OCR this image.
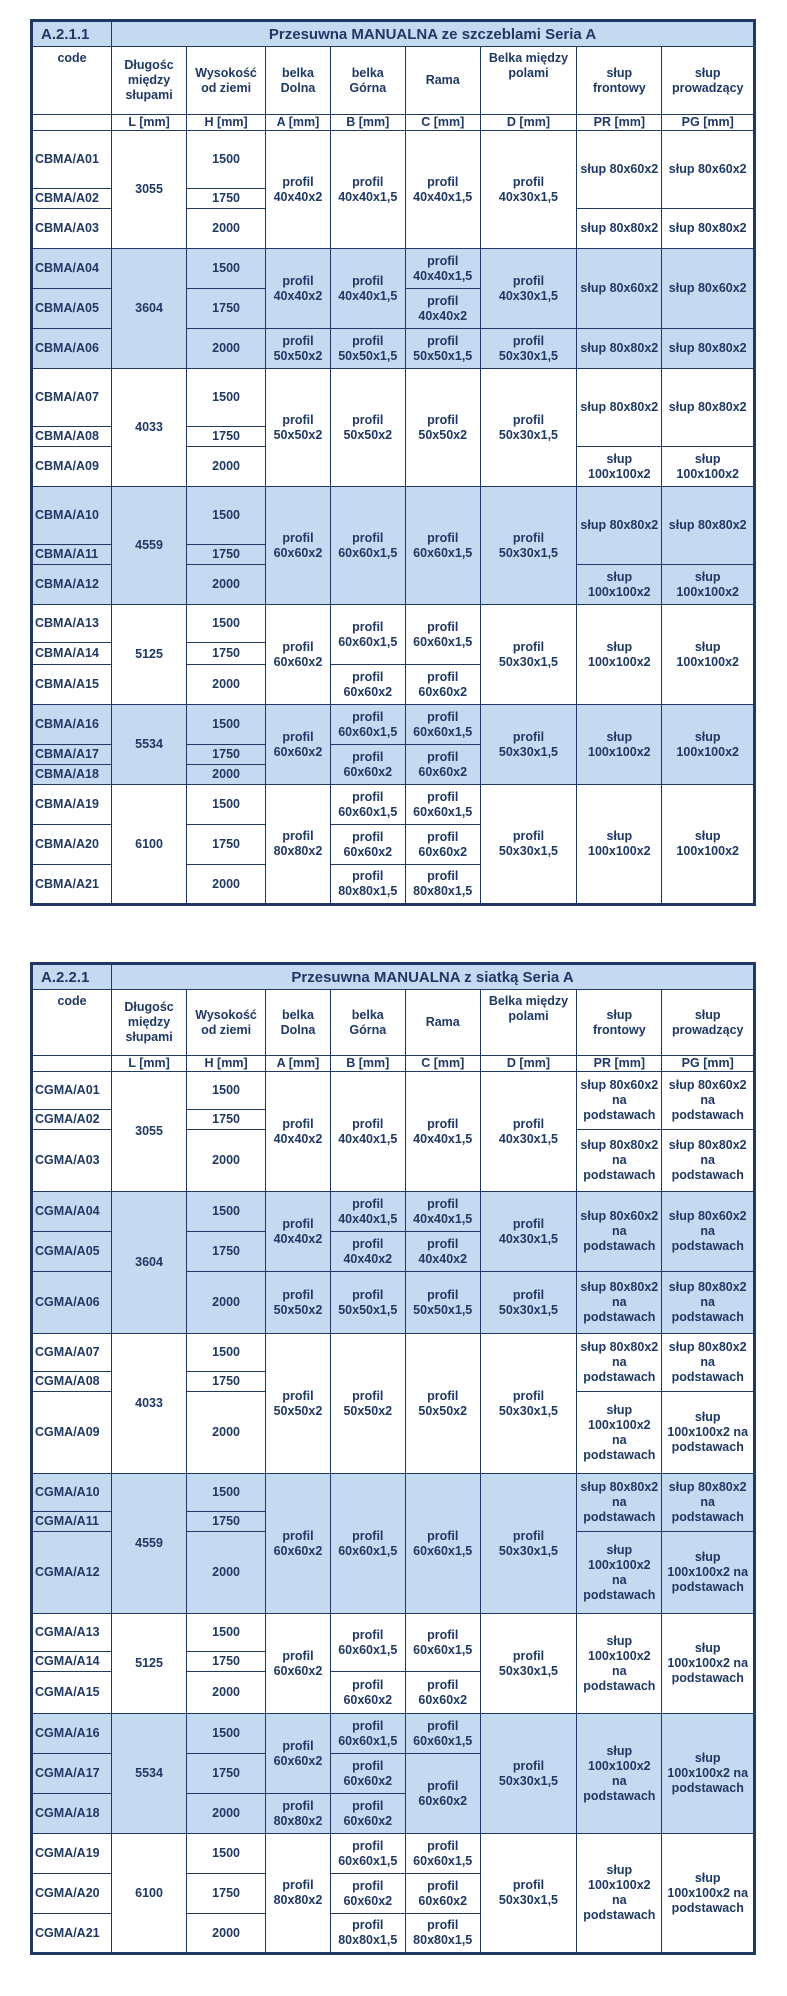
A.2.1.1	Przesuwna MANUALNA ze szczeblami Seria A							
code	Długośc między słupami	Wysokość od ziemi	belka Dolna	belka Górna	Rama	Belka między polami	słup frontowy	słup prowadzący
	L [mm]	H [mm]	A [mm]	B [mm]	C [mm]	D [mm]	PR [mm]	PG [mm]
CBMA/A01	3055	1500	profil 40x40x2	profil 40x40x1,5	profil 40x40x1,5	profil 40x30x1,5	słup 80x60x2	słup 80x60x2
CBMA/A02		1750						
CBMA/A03		2000					słup 80x80x2	słup 80x80x2
CBMA/A04	3604	1500	profil 40x40x2	profil 40x40x1,5	profil 40x40x1,5	profil 40x30x1,5	słup 80x60x2	słup 80x60x2
CBMA/A05		1750			profil 40x40x2			
CBMA/A06		2000	profil 50x50x2	profil 50x50x1,5	profil 50x50x1,5	profil 50x30x1,5	słup 80x80x2	słup 80x80x2
CBMA/A07	4033	1500	profil 50x50x2	profil 50x50x2	profil 50x50x2	profil 50x30x1,5	słup 80x80x2	słup 80x80x2
CBMA/A08		1750						
CBMA/A09		2000					słup 100x100x2	słup 100x100x2
CBMA/A10	4559	1500	profil 60x60x2	profil 60x60x1,5	profil 60x60x1,5	profil 50x30x1,5	słup 80x80x2	słup 80x80x2
CBMA/A11		1750						
CBMA/A12		2000					słup 100x100x2	słup 100x100x2
CBMA/A13	5125	1500	profil 60x60x2	profil 60x60x1,5	profil 60x60x1,5	profil 50x30x1,5	słup 100x100x2	słup 100x100x2
CBMA/A14		1750						
CBMA/A15		2000		profil 60x60x2	profil 60x60x2			
CBMA/A16	5534	1500	profil 60x60x2	profil 60x60x1,5	profil 60x60x1,5	profil 50x30x1,5	słup 100x100x2	słup 100x100x2
CBMA/A17		1750		profil 60x60x2	profil 60x60x2			
CBMA/A18		2000						
CBMA/A19	6100	1500	profil 80x80x2	profil 60x60x1,5	profil 60x60x1,5	profil 50x30x1,5	słup 100x100x2	słup 100x100x2
CBMA/A20		1750		profil 60x60x2	profil 60x60x2			
CBMA/A21		2000		profil 80x80x1,5	profil 80x80x1,5			
A.2.2.1	Przesuwna MANUALNA z siatką Seria A							
code	Długośc między słupami	Wysokość od ziemi	belka Dolna	belka Górna	Rama	Belka między polami	słup frontowy	słup prowadzący
	L [mm]	H [mm]	A [mm]	B [mm]	C [mm]	D [mm]	PR [mm]	PG [mm]
CGMA/A01	3055	1500	profil 40x40x2	profil 40x40x1,5	profil 40x40x1,5	profil 40x30x1,5	słup 80x60x2 na podstawach	słup 80x60x2 na podstawach
CGMA/A02		1750						
CGMA/A03		2000					słup 80x80x2 na podstawach	słup 80x80x2 na podstawach
CGMA/A04	3604	1500	profil 40x40x2	profil 40x40x1,5	profil 40x40x1,5	profil 40x30x1,5	słup 80x60x2 na podstawach	słup 80x60x2 na podstawach
CGMA/A05		1750		profil 40x40x2	profil 40x40x2			
CGMA/A06		2000	profil 50x50x2	profil 50x50x1,5	profil 50x50x1,5	profil 50x30x1,5	słup 80x80x2 na podstawach	słup 80x80x2 na podstawach
CGMA/A07	4033	1500	profil 50x50x2	profil 50x50x2	profil 50x50x2	profil 50x30x1,5	słup 80x80x2 na podstawach	słup 80x80x2 na podstawach
CGMA/A08		1750						
CGMA/A09		2000					słup 100x100x2 na podstawach	słup 100x100x2 na podstawach
CGMA/A10	4559	1500	profil 60x60x2	profil 60x60x1,5	profil 60x60x1,5	profil 50x30x1,5	słup 80x80x2 na podstawach	słup 80x80x2 na podstawach
CGMA/A11		1750						
CGMA/A12		2000					słup 100x100x2 na podstawach	słup 100x100x2 na podstawach
CGMA/A13	5125	1500	profil 60x60x2	profil 60x60x1,5	profil 60x60x1,5	profil 50x30x1,5	słup 100x100x2 na podstawach	słup 100x100x2 na podstawach
CGMA/A14		1750						
CGMA/A15		2000		profil 60x60x2	profil 60x60x2			
CGMA/A16	5534	1500	profil 60x60x2	profil 60x60x1,5	profil 60x60x1,5	profil 50x30x1,5	słup 100x100x2 na podstawach	słup 100x100x2 na podstawach
CGMA/A17		1750		profil 60x60x2	profil 60x60x2			
CGMA/A18		2000	profil 80x80x2	profil 60x60x2				
CGMA/A19	6100	1500	profil 80x80x2	profil 60x60x1,5	profil 60x60x1,5	profil 50x30x1,5	słup 100x100x2 na podstawach	słup 100x100x2 na podstawach
CGMA/A20		1750		profil 60x60x2	profil 60x60x2			
CGMA/A21		2000		profil 80x80x1,5	profil 80x80x1,5			
